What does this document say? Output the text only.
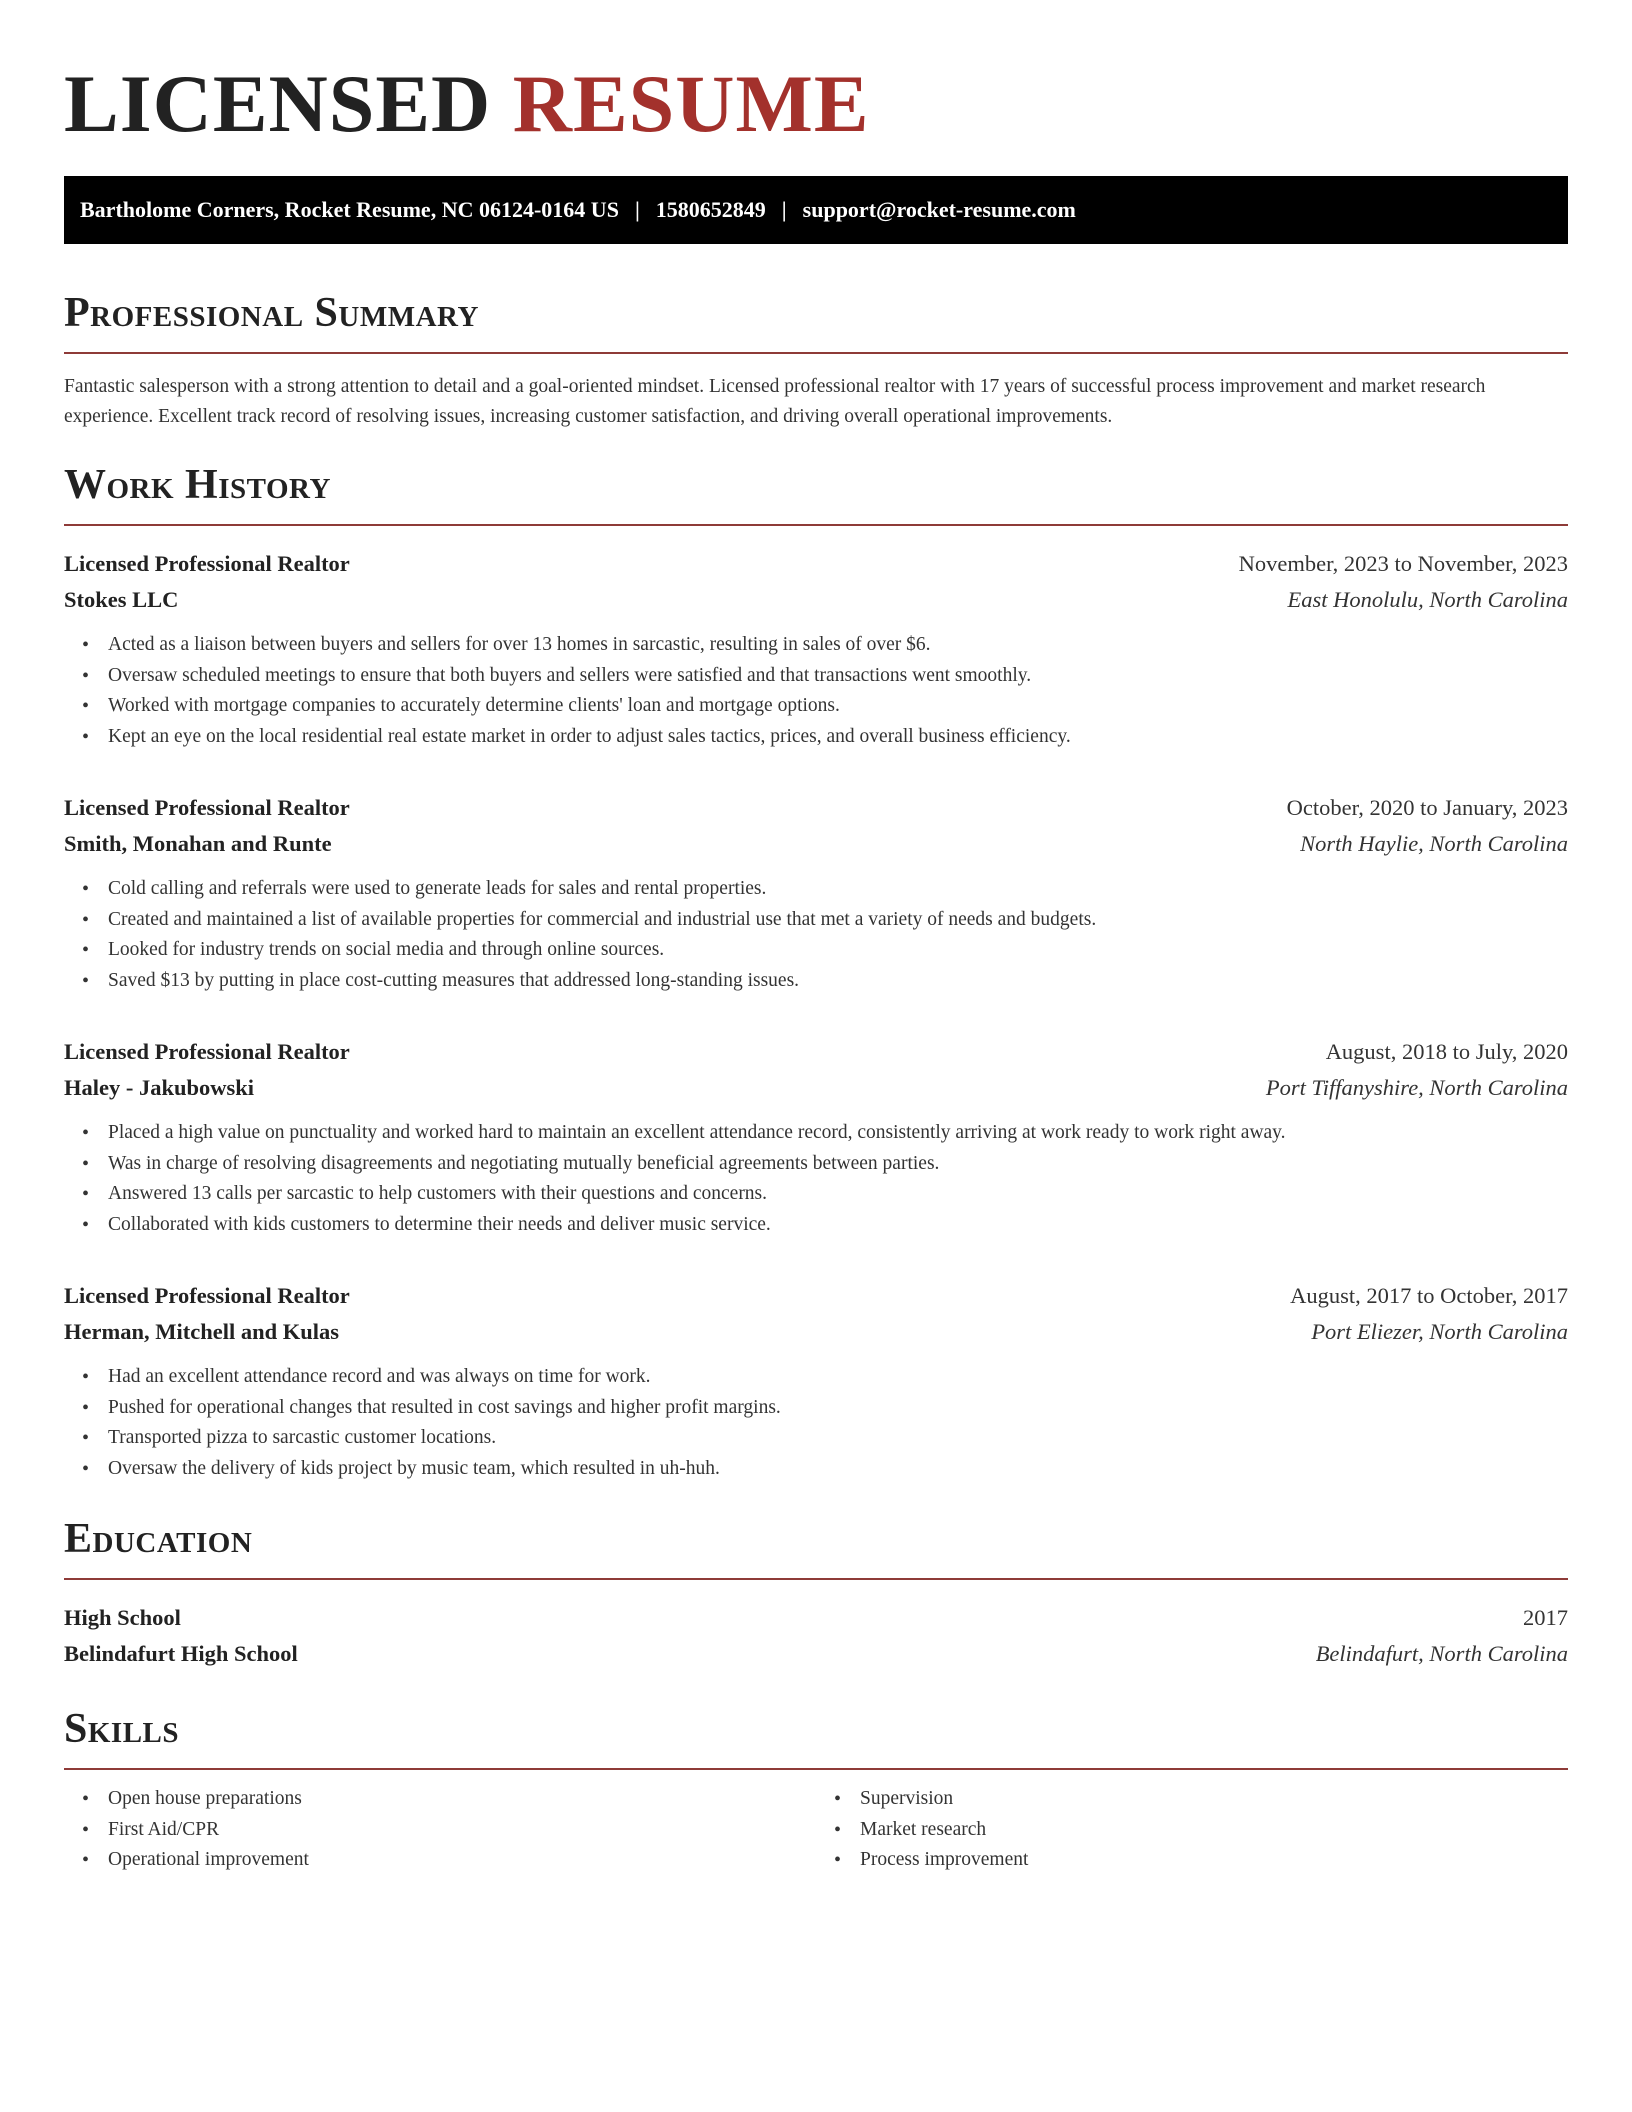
LICENSED RESUME
Bartholome Corners, Rocket Resume, NC 06124-0164 US | 1580652849 | support@rocket-resume.com
Professional Summary

Fantastic salesperson with a strong attention to detail and a goal-oriented mindset. Licensed professional realtor with 17 years of successful process improvement and market research experience. Excellent track record of resolving issues, increasing customer satisfaction, and driving overall operational improvements.

Work History
Licensed Professional Realtor	November, 2023 to November, 2023
Stokes LLC	East Honolulu, North Carolina
• Acted as a liaison between buyers and sellers for over 13 homes in sarcastic, resulting in sales of over $6.
• Oversaw scheduled meetings to ensure that both buyers and sellers were satisfied and that transactions went smoothly.
• Worked with mortgage companies to accurately determine clients' loan and mortgage options.
• Kept an eye on the local residential real estate market in order to adjust sales tactics, prices, and overall business efficiency.
Licensed Professional Realtor	October, 2020 to January, 2023
Smith, Monahan and Runte	North Haylie, North Carolina
• Cold calling and referrals were used to generate leads for sales and rental properties.
• Created and maintained a list of available properties for commercial and industrial use that met a variety of needs and budgets.
• Looked for industry trends on social media and through online sources.
• Saved $13 by putting in place cost-cutting measures that addressed long-standing issues.
Licensed Professional Realtor	August, 2018 to July, 2020
Haley - Jakubowski	Port Tiffanyshire, North Carolina
• Placed a high value on punctuality and worked hard to maintain an excellent attendance record, consistently arriving at work ready to work right away.
• Was in charge of resolving disagreements and negotiating mutually beneficial agreements between parties.
• Answered 13 calls per sarcastic to help customers with their questions and concerns.
• Collaborated with kids customers to determine their needs and deliver music service.
Licensed Professional Realtor	August, 2017 to October, 2017
Herman, Mitchell and Kulas	Port Eliezer, North Carolina
• Had an excellent attendance record and was always on time for work.
• Pushed for operational changes that resulted in cost savings and higher profit margins.
• Transported pizza to sarcastic customer locations.
• Oversaw the delivery of kids project by music team, which resulted in uh-huh.
Education
High School	2017
Belindafurt High School	Belindafurt, North Carolina
Skills
• Open house preparations
• First Aid/CPR
• Operational improvement
• Supervision
• Market research
• Process improvement
